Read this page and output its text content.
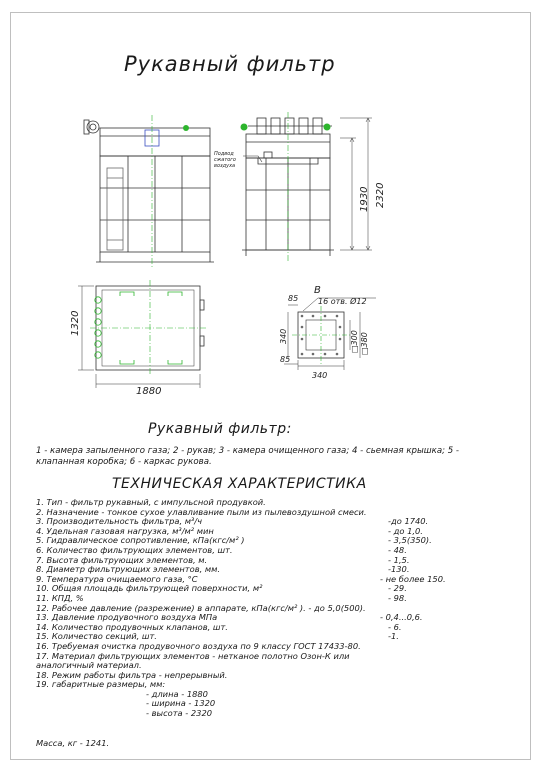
Подвод
сжатого
воздуха
2320
1930
1320
1880
В
16 отв. Ø12
85
340
85
340
□300 □380
Рукавный фильтр
Рукавный фильтр:
1 - камера запыленного газа; 2 - рукав; 3 - камера очищенного газа; 4 - сьемная крышка; 5 - клапанная коробка; 6 - каркас рукова.
ТЕХНИЧЕСКАЯ ХАРАКТЕРИСТИКА
1. Тип - фильтр рукавный, с импульсной продувкой.
2. Назначение - тонкое сухое улавливание пыли из пылевоздушной смеси.
3. Производительность фильтра, м³/ч	-до 1740.
4. Удельная газовая нагрузка, м³/м² мин	- до 1,0.
5. Гидравлическое сопротивление, кПа(кгс/м² )	- 3,5(350).
6. Количество фильтрующих элементов, шт.	- 48.
7. Высота фильтрующих элементов, м.	- 1,5.
8. Диаметр фильтрующих элементов, мм.	-130.
9. Температура очищаемого газа, °С	- не более 150.
10. Общая площадь фильтрующей поверхности, м²	- 29.
11. КПД, %	- 98.
12. Рабочее давление (разрежение) в аппарате, кПа(кгс/м² ). - до 5,0(500).
13. Давление продувочного воздуха МПа	- 0,4...0,6.
14. Количество продувочных клапанов, шт.	- 6.
15. Количество секций, шт.	-1.
16. Требуемая очистка продувочного воздуха по 9 классу ГОСТ 17433-80.
17. Материал фильтрующих элементов - нетканое полотно Озон-К или
аналогичный материал.
18. Режим работы фильтра - непрерывный.
19. габаритные размеры, мм:
- длина - 1880
- ширина - 1320
- высота - 2320
Масса, кг - 1241.
